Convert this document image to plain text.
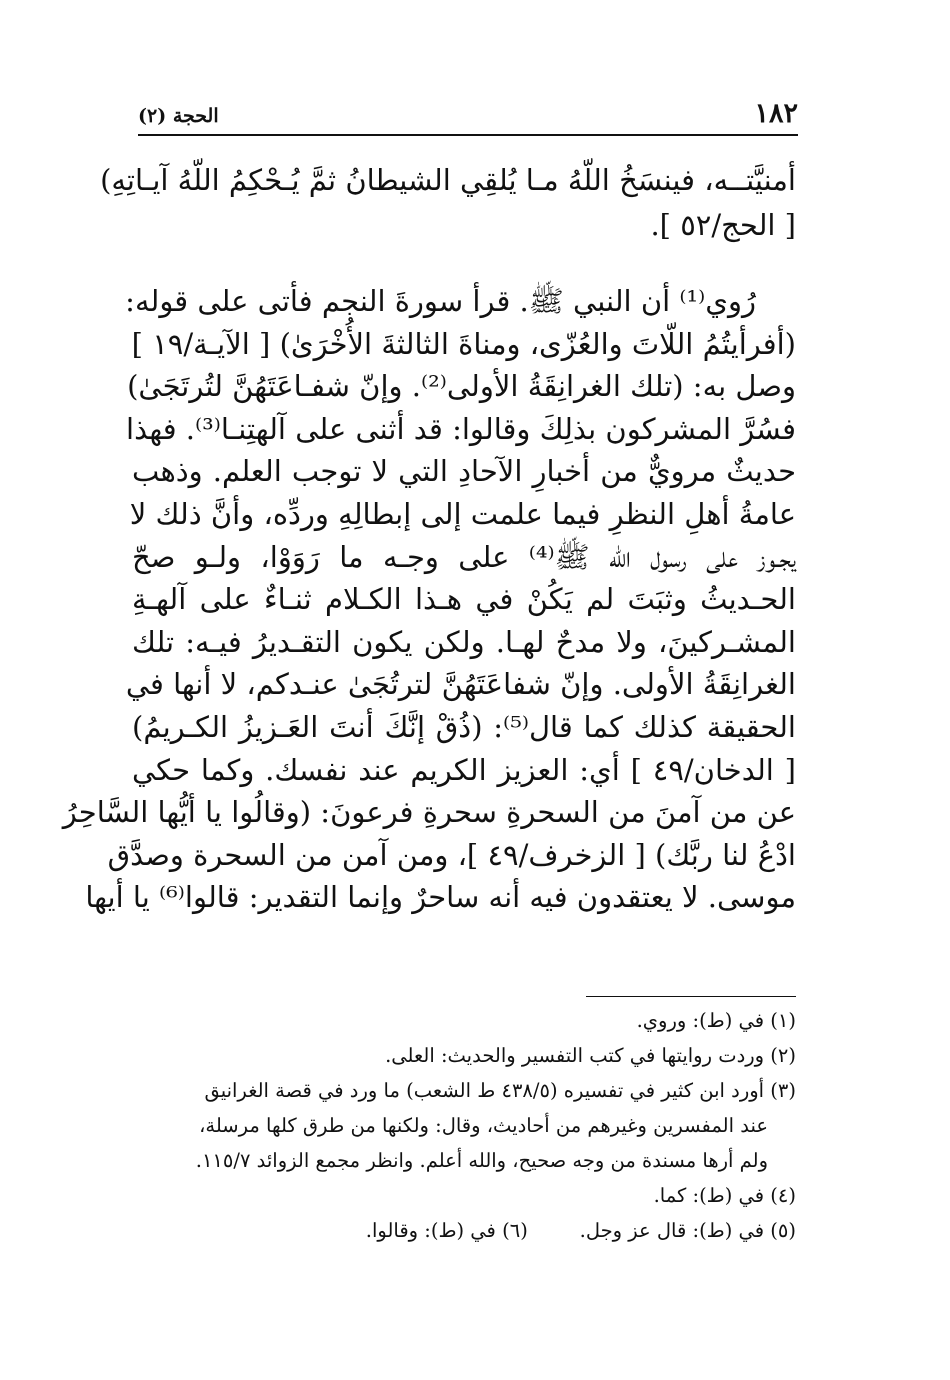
١٨٢
الحجة (٢)
أمنيَّتــه، فينسَخُ اللّهُ مـا يُلقِي الشيطانُ ثمَّ يُـحْكِمُ اللّهُ آيـاتِهِ)
[ الحج/٥٢ ].
رُوي⁽¹⁾ أن النبي ﷺ. قرأ سورةَ النجم فأتى على قوله:
(أفرأيتُمُ اللّاتَ والعُزّى، ومناةَ الثالثةَ الأُخْرَىٰ) [ الآيـة/١٩ ]
وصل به: (تلك الغرانِقَةُ الأولى⁽²⁾. وإنّ شفـاعَتَهُنَّ لتُرتَجَىٰ)
فسُرَّ المشركون بذلِكَ وقالوا: قد أثنى على آلهتِنـا⁽³⁾. فهذا
حديثٌ مرويٌّ من أخبارِ الآحادِ التي لا توجب العلم. وذهب
عامةُ أهلِ النظرِ فيما علمت إلى إبطالِهِ وردِّه، وأنَّ ذلك لا
يجـوز على رسول الله ﷺ⁽⁴⁾ على وجـه ما رَوَوْا، ولـو صحّ
الحـديثُ وثبَتَ لم يَكُنْ في هـذا الكـلام ثنـاءٌ على آلهـةِ
المشـركينَ، ولا مدحٌ لهـا. ولكن يكون التقـديرُ فيـه: تلك
الغرانِقَةُ الأولى. وإنّ شفاعَتَهُنَّ لترتُجَىٰ عنـدكم، لا أنها في
الحقيقة كذلك كما قال⁽⁵⁾: (ذُقْ إنَّكَ أنتَ العَـزيزُ الكـريمُ)
[ الدخان/٤٩ ] أي: العزيز الكريم عند نفسك. وكما حكي
عن من آمنَ من السحرةِ سحرةِ فرعونَ: (وقالُوا يا أيُّها السَّاحِرُ
ادْعُ لنا ربَّك) [ الزخرف/٤٩ ]، ومن آمن من السحرة وصدَّق
موسى. لا يعتقدون فيه أنه ساحرٌ وإنما التقدير: قالوا⁽⁶⁾ يا أيها
(١) في (ط): وروي.
(٢) وردت روايتها في كتب التفسير والحديث: العلى.
(٣) أورد ابن كثير في تفسيره (٤٣٨/٥ ط الشعب) ما ورد في قصة الغرانيق
عند المفسرين وغيرهم من أحاديث، وقال: ولكنها من طرق كلها مرسلة،
ولم أرها مسندة من وجه صحيح، والله أعلم. وانظر مجمع الزوائد ١١٥/٧.
(٤) في (ط): كما.
(٥) في (ط): قال عز وجل. (٦) في (ط): وقالوا.
